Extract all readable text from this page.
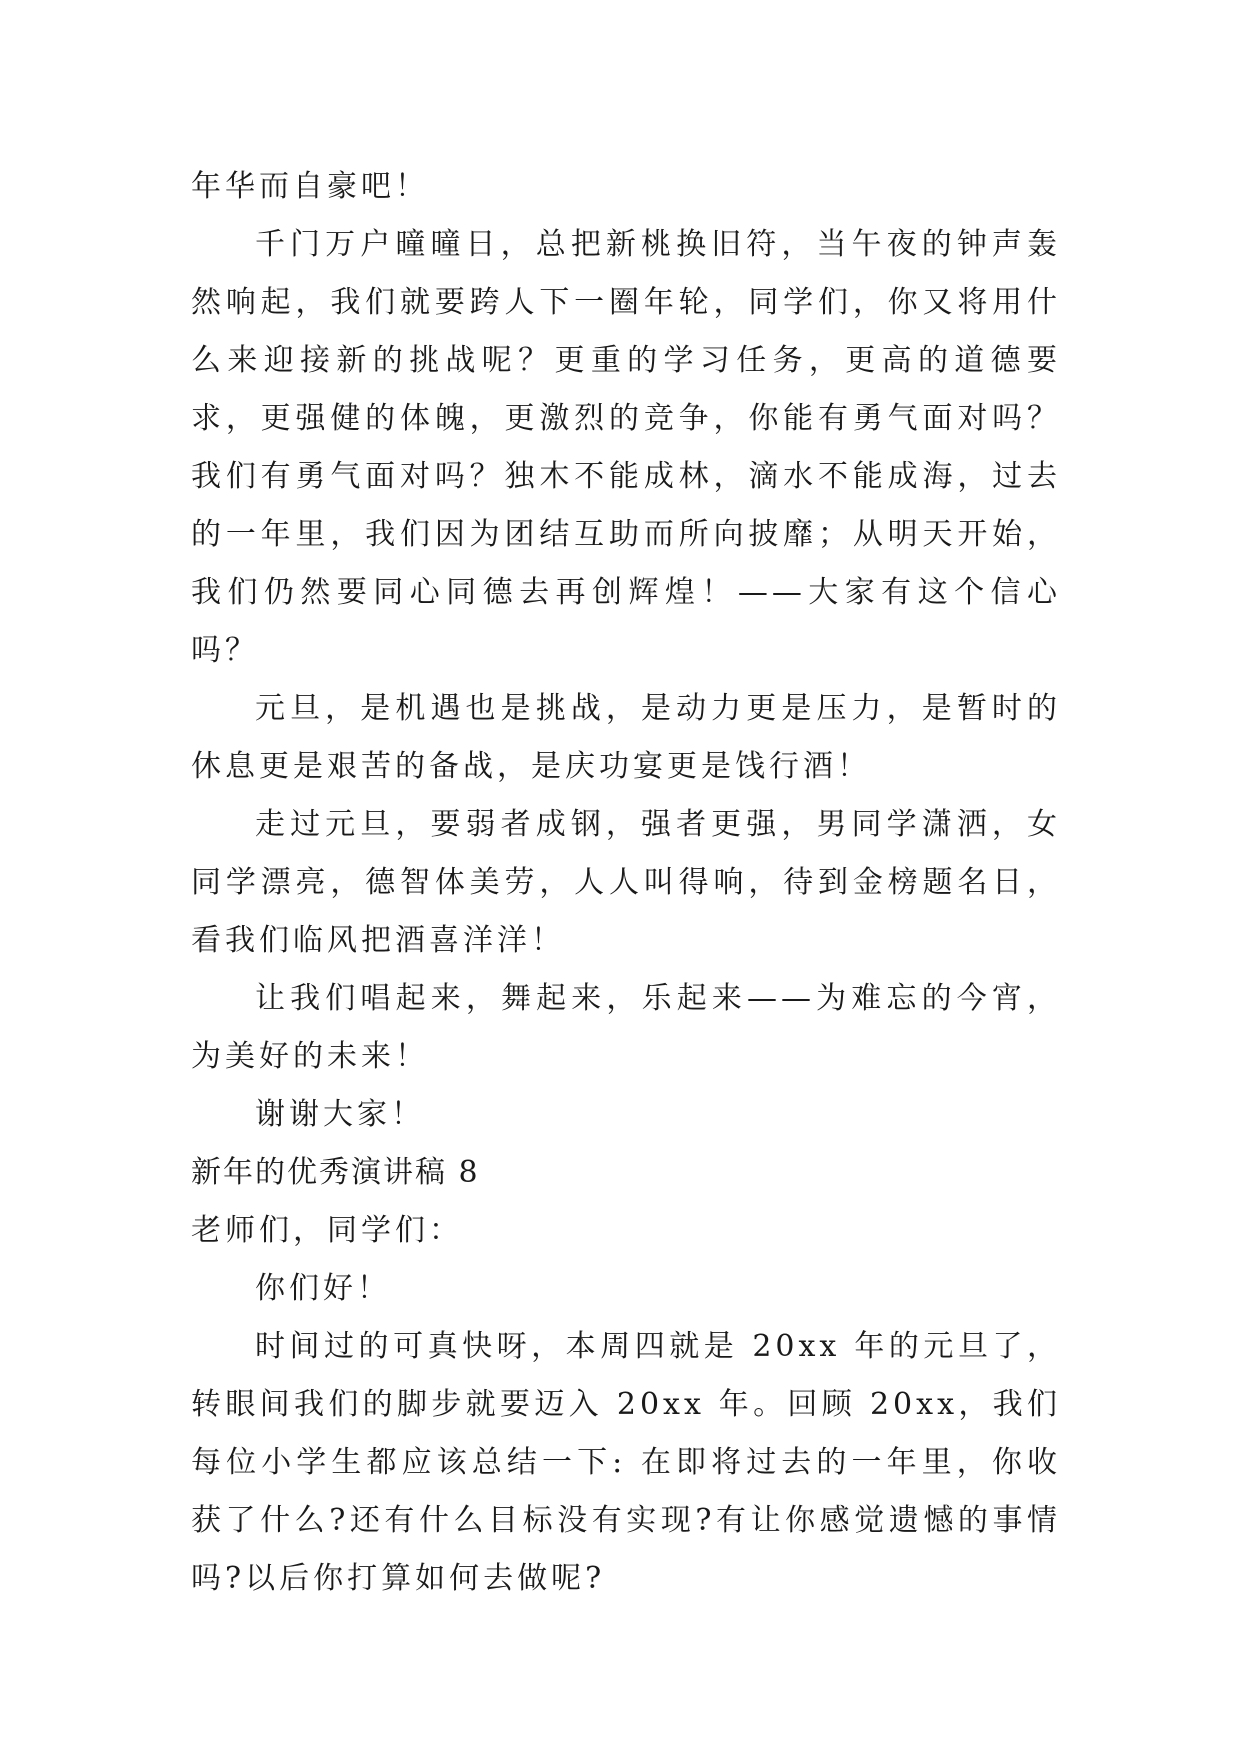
年华而自豪吧！

千门万户曈曈日，总把新桃换旧符，当午夜的钟声轰然响起，我们就要跨人下一圈年轮，同学们，你又将用什么来迎接新的挑战呢？更重的学习任务，更高的道德要求，更强健的体魄，更激烈的竞争，你能有勇气面对吗？我们有勇气面对吗？独木不能成林，滴水不能成海，过去的一年里，我们因为团结互助而所向披靡；从明天开始，我们仍然要同心同德去再创辉煌！——大家有这个信心吗？

元旦，是机遇也是挑战，是动力更是压力，是暂时的休息更是艰苦的备战，是庆功宴更是饯行酒！

走过元旦，要弱者成钢，强者更强，男同学潇洒，女同学漂亮，德智体美劳，人人叫得响，待到金榜题名日，看我们临风把酒喜洋洋！

让我们唱起来，舞起来，乐起来——为难忘的今宵，为美好的未来！

谢谢大家！

新年的优秀演讲稿 8

老师们，同学们：

你们好！

时间过的可真快呀，本周四就是 20xx 年的元旦了，转眼间我们的脚步就要迈入 20xx 年。回顾 20xx，我们每位小学生都应该总结一下: 在即将过去的一年里，你收获了什么?还有什么目标没有实现?有让你感觉遗憾的事情吗?以后你打算如何去做呢?
